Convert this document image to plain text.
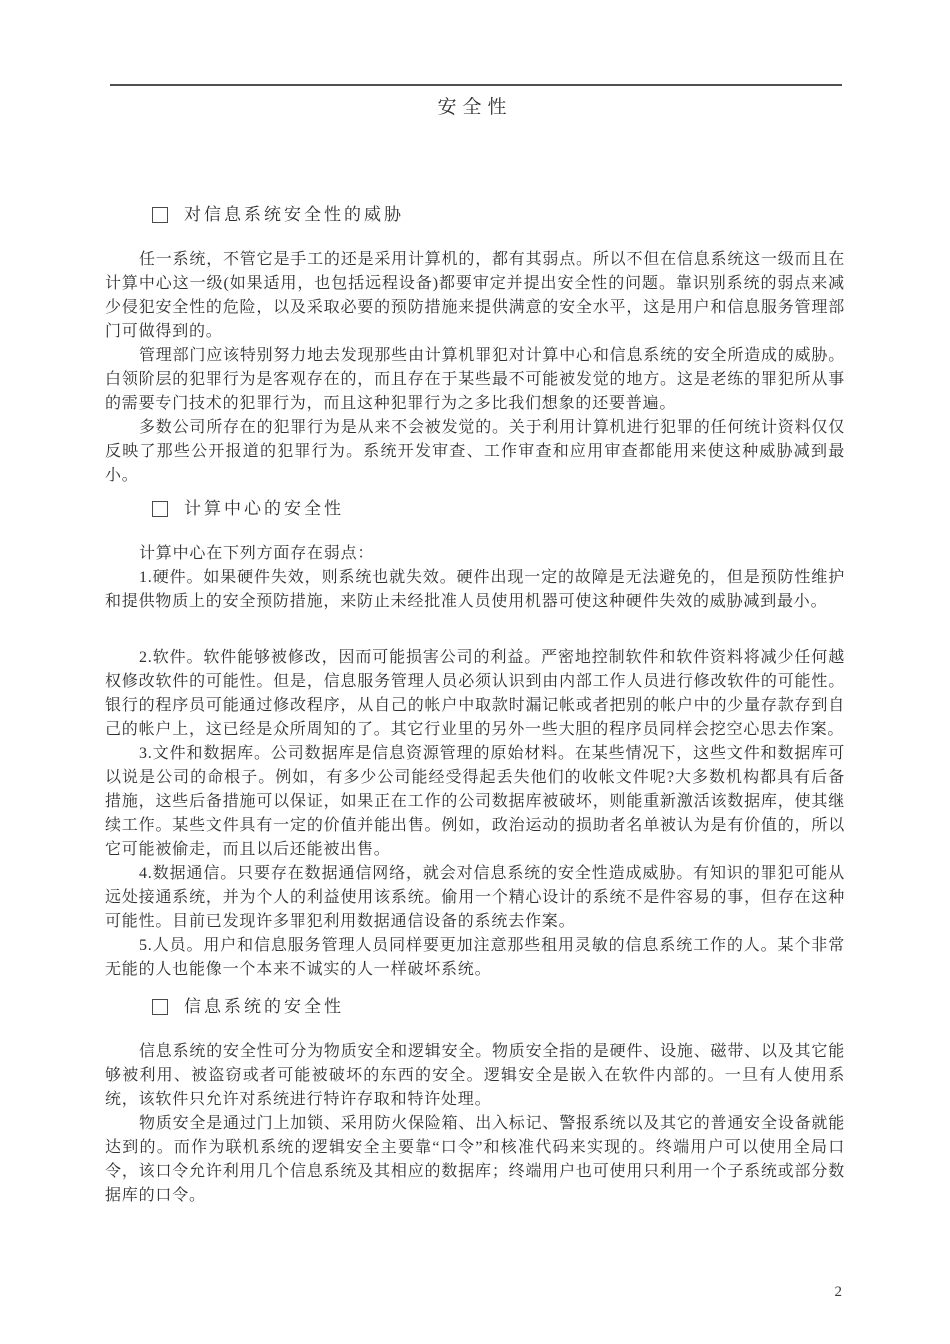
安全性
对信息系统安全性的威胁

任一系统，不管它是手工的还是采用计算机的，都有其弱点。所以不但在信息系统这一级而且在计算中心这一级(如果适用，也包括远程设备)都要审定并提出安全性的问题。靠识别系统的弱点来减少侵犯安全性的危险，以及采取必要的预防措施来提供满意的安全水平，这是用户和信息服务管理部门可做得到的。

管理部门应该特别努力地去发现那些由计算机罪犯对计算中心和信息系统的安全所造成的威胁。白领阶层的犯罪行为是客观存在的，而且存在于某些最不可能被发觉的地方。这是老练的罪犯所从事的需要专门技术的犯罪行为，而且这种犯罪行为之多比我们想象的还要普遍。

多数公司所存在的犯罪行为是从来不会被发觉的。关于利用计算机进行犯罪的任何统计资料仅仅反映了那些公开报道的犯罪行为。系统开发审查、工作审查和应用审查都能用来使这种威胁减到最小。

计算中心的安全性

计算中心在下列方面存在弱点：

1.硬件。如果硬件失效，则系统也就失效。硬件出现一定的故障是无法避免的，但是预防性维护和提供物质上的安全预防措施，来防止未经批准人员使用机器可使这种硬件失效的威胁减到最小。

2.软件。软件能够被修改，因而可能损害公司的利益。严密地控制软件和软件资料将减少任何越权修改软件的可能性。但是，信息服务管理人员必须认识到由内部工作人员进行修改软件的可能性。银行的程序员可能通过修改程序，从自己的帐户中取款时漏记帐或者把别的帐户中的少量存款存到自己的帐户上，这已经是众所周知的了。其它行业里的另外一些大胆的程序员同样会挖空心思去作案。

3.文件和数据库。公司数据库是信息资源管理的原始材料。在某些情况下，这些文件和数据库可以说是公司的命根子。例如，有多少公司能经受得起丢失他们的收帐文件呢?大多数机构都具有后备措施，这些后备措施可以保证，如果正在工作的公司数据库被破坏，则能重新激活该数据库，使其继续工作。某些文件具有一定的价值并能出售。例如，政治运动的损助者名单被认为是有价值的，所以它可能被偷走，而且以后还能被出售。

4.数据通信。只要存在数据通信网络，就会对信息系统的安全性造成威胁。有知识的罪犯可能从远处接通系统，并为个人的利益使用该系统。偷用一个精心设计的系统不是件容易的事，但存在这种可能性。目前已发现许多罪犯利用数据通信设备的系统去作案。

5.人员。用户和信息服务管理人员同样要更加注意那些租用灵敏的信息系统工作的人。某个非常无能的人也能像一个本来不诚实的人一样破坏系统。

信息系统的安全性

信息系统的安全性可分为物质安全和逻辑安全。物质安全指的是硬件、设施、磁带、以及其它能够被利用、被盗窃或者可能被破坏的东西的安全。逻辑安全是嵌入在软件内部的。一旦有人使用系统，该软件只允许对系统进行特许存取和特许处理。

物质安全是通过门上加锁、采用防火保险箱、出入标记、警报系统以及其它的普通安全设备就能达到的。而作为联机系统的逻辑安全主要靠“口令”和核准代码来实现的。终端用户可以使用全局口令，该口令允许利用几个信息系统及其相应的数据库；终端用户也可使用只利用一个子系统或部分数据库的口令。

2
